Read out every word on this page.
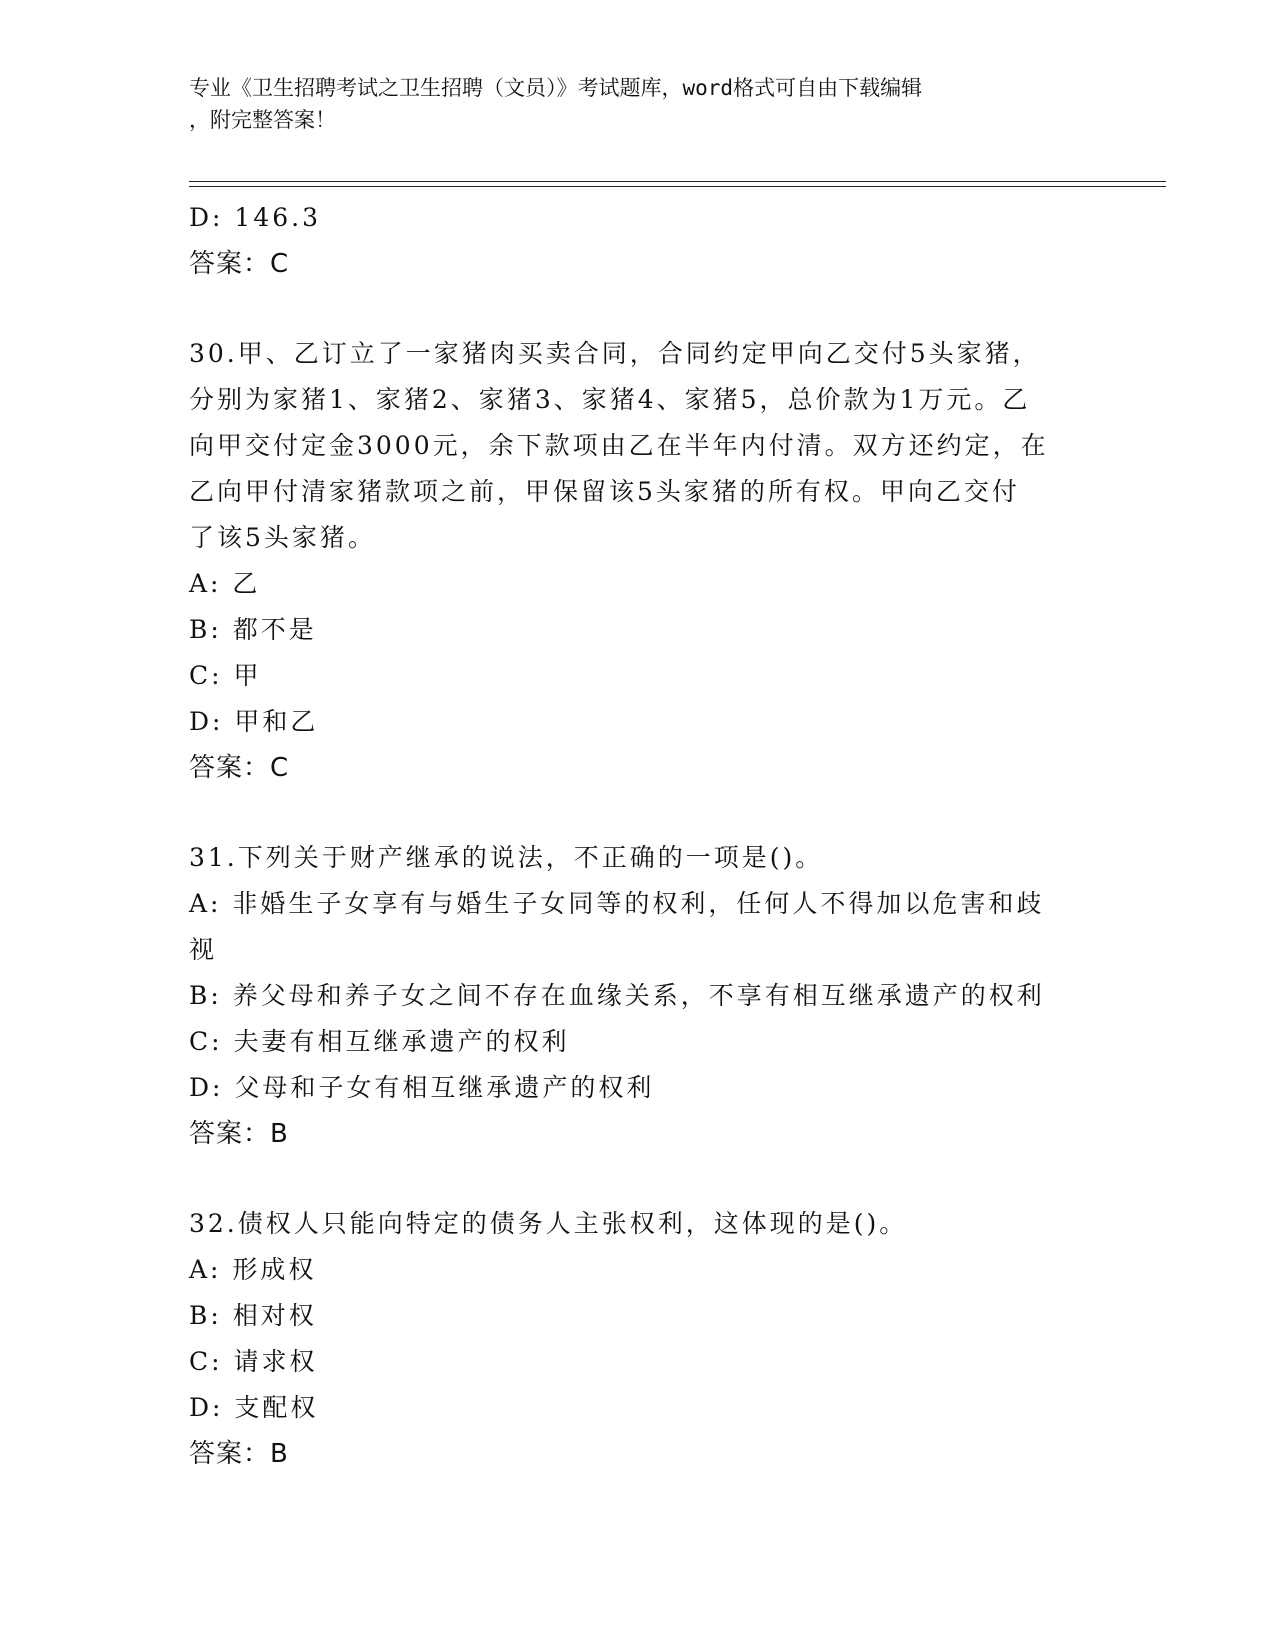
专业《卫生招聘考试之卫生招聘（文员）》考试题库，word格式可自由下载编辑
，附完整答案！
D: 146.3
答案：C
30.甲、乙订立了一家猪肉买卖合同，合同约定甲向乙交付5头家猪，
分别为家猪1、家猪2、家猪3、家猪4、家猪5，总价款为1万元。乙
向甲交付定金3000元，余下款项由乙在半年内付清。双方还约定，在
乙向甲付清家猪款项之前，甲保留该5头家猪的所有权。甲向乙交付
了该5头家猪。
A: 乙
B: 都不是
C: 甲
D: 甲和乙
答案：C
31.下列关于财产继承的说法，不正确的一项是()。
A: 非婚生子女享有与婚生子女同等的权利，任何人不得加以危害和歧
视
B: 养父母和养子女之间不存在血缘关系，不享有相互继承遗产的权利
C: 夫妻有相互继承遗产的权利
D: 父母和子女有相互继承遗产的权利
答案：B
32.债权人只能向特定的债务人主张权利，这体现的是()。
A: 形成权
B: 相对权
C: 请求权
D: 支配权
答案：B
